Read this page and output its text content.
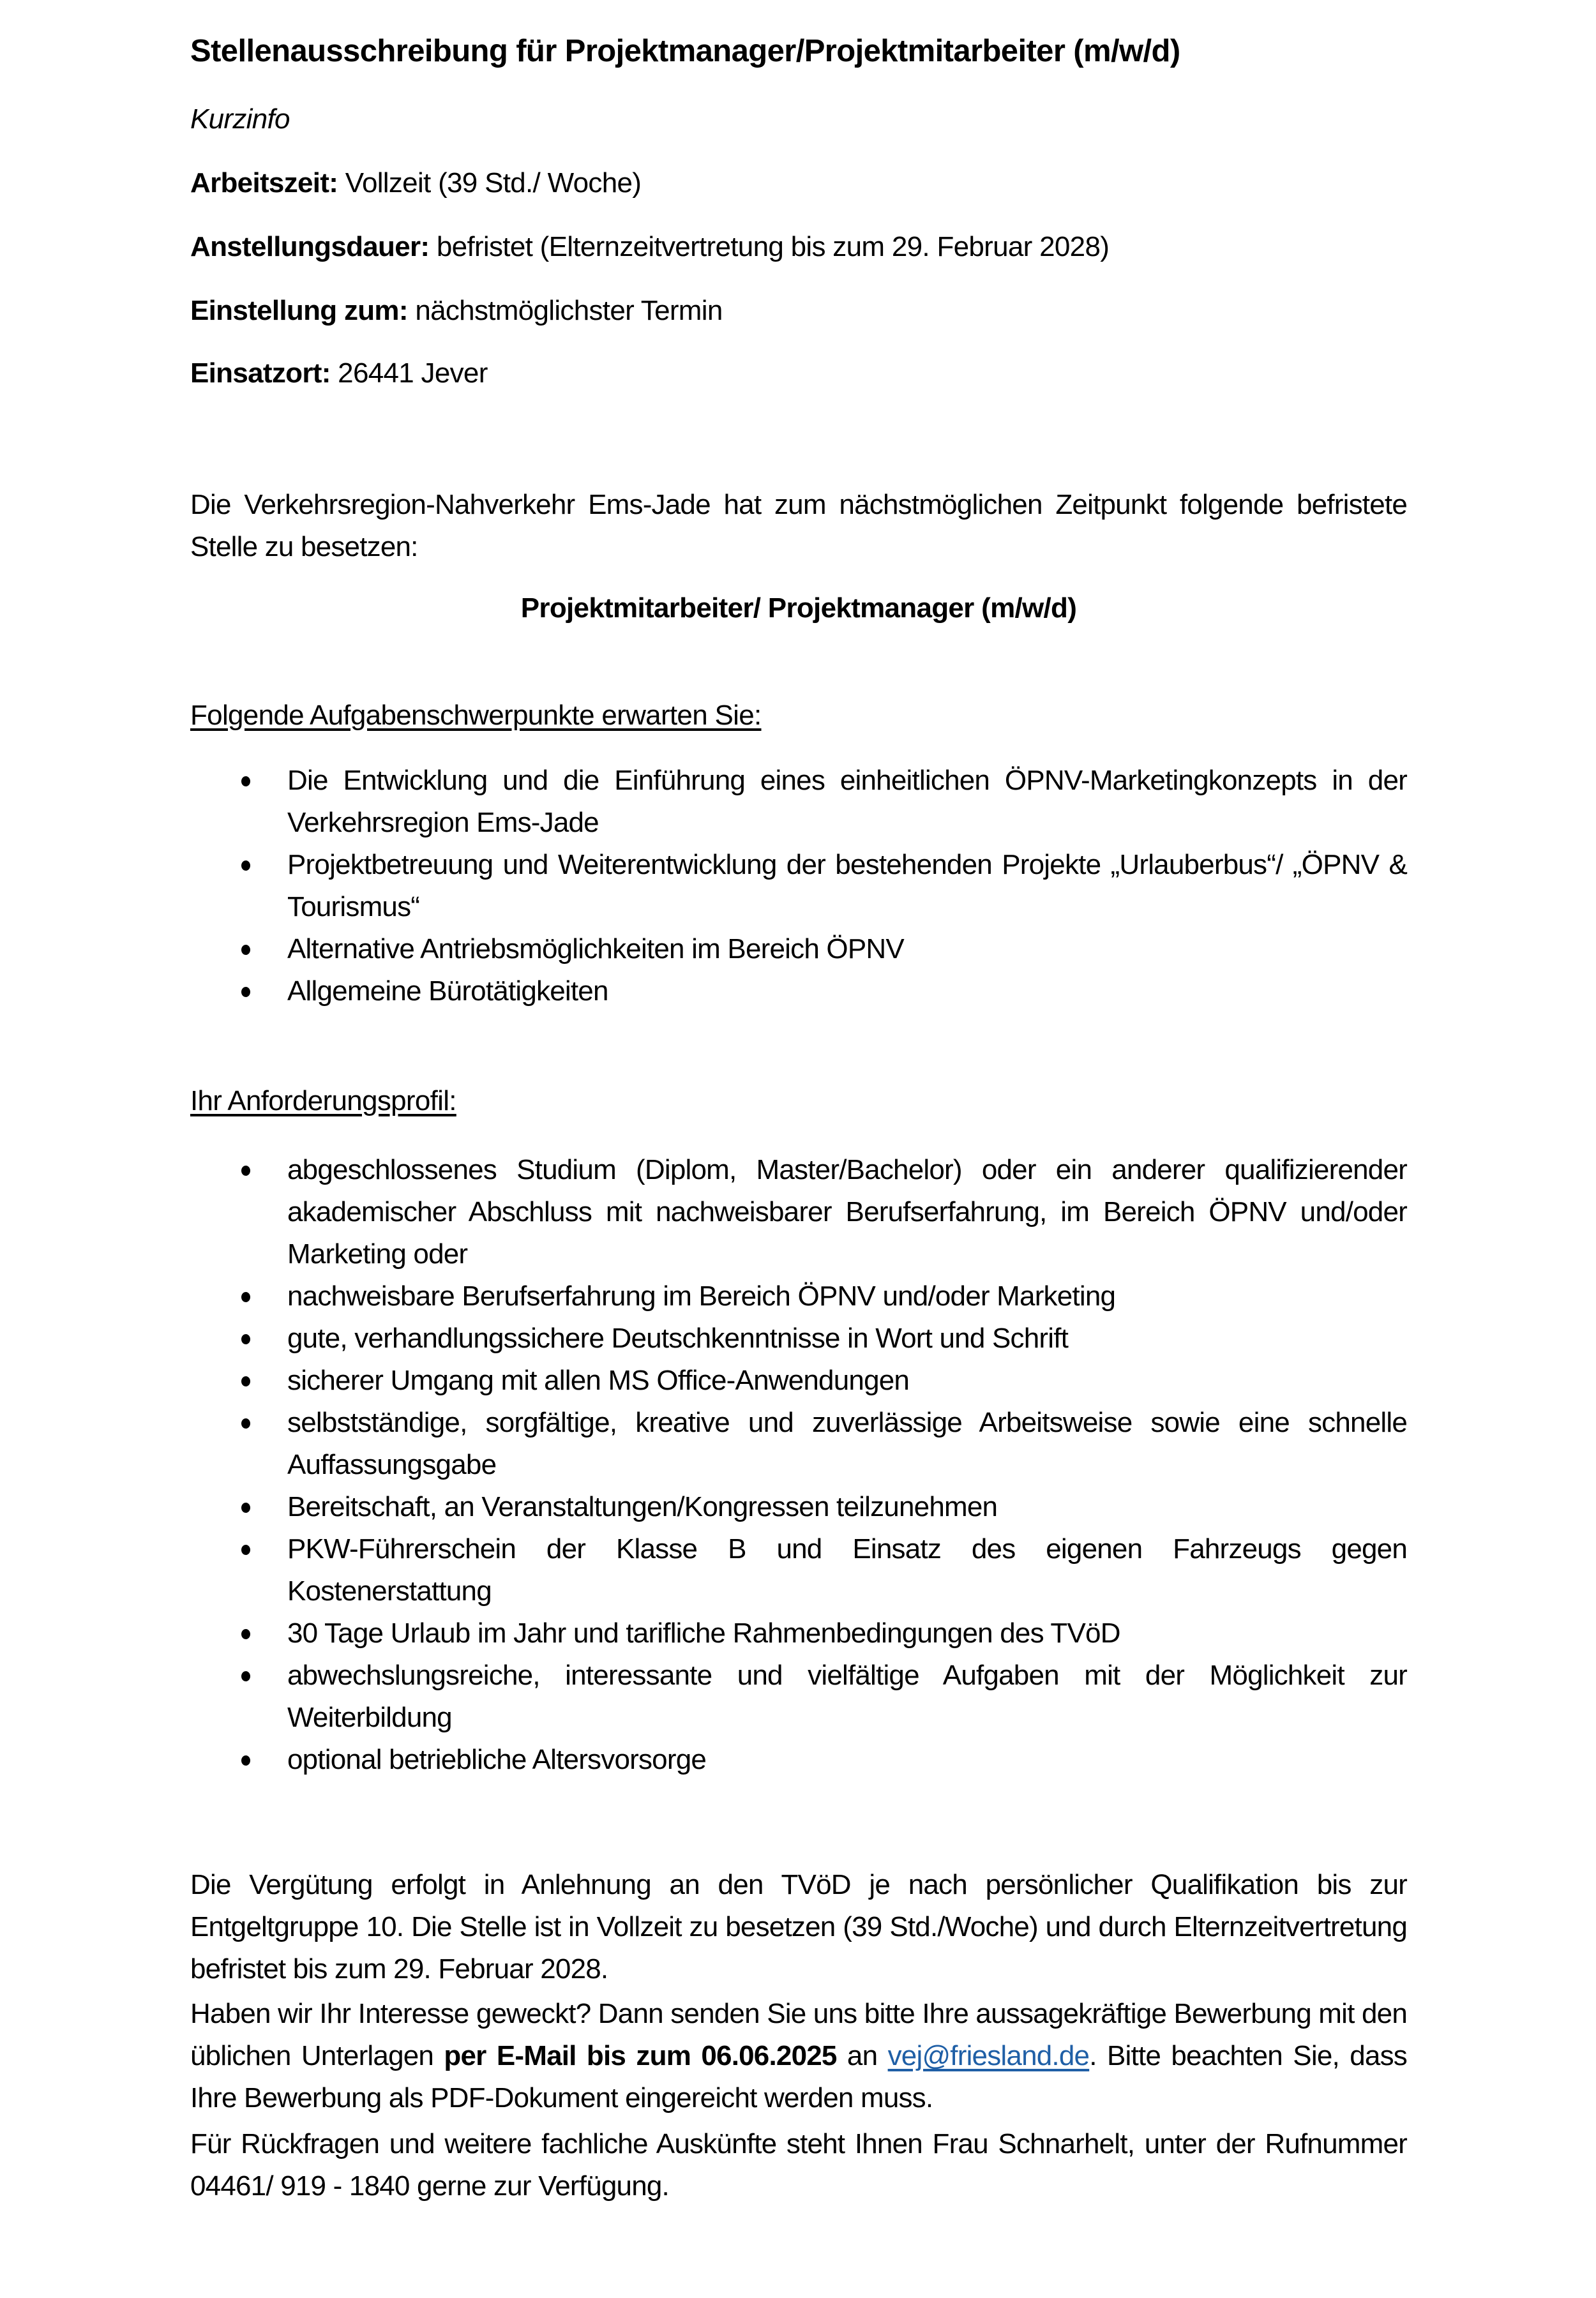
Stellenausschreibung für Projektmanager/Projektmitarbeiter (m/w/d)
Kurzinfo
Arbeitszeit: Vollzeit (39 Std./ Woche)
Anstellungsdauer: befristet (Elternzeitvertretung bis zum 29. Februar 2028)
Einstellung zum: nächstmöglichster Termin
Einsatzort: 26441 Jever
Die Verkehrsregion-Nahverkehr Ems-Jade hat zum nächstmöglichen Zeitpunkt folgende befristete Stelle zu besetzen:
Projektmitarbeiter/ Projektmanager (m/w/d)
Folgende Aufgabenschwerpunkte erwarten Sie:
Die Entwicklung und die Einführung eines einheitlichen ÖPNV-Marketingkonzepts in der Verkehrsregion Ems-Jade
Projektbetreuung und Weiterentwicklung der bestehenden Projekte „Urlauberbus“/ „ÖPNV & Tourismus“
Alternative Antriebsmöglichkeiten im Bereich ÖPNV
Allgemeine Bürotätigkeiten
Ihr Anforderungsprofil:
abgeschlossenes Studium (Diplom, Master/Bachelor) oder ein anderer qualifizierender akademischer Abschluss mit nachweisbarer Berufserfahrung, im Bereich ÖPNV und/oder Marketing oder
nachweisbare Berufserfahrung im Bereich ÖPNV und/oder Marketing
gute, verhandlungssichere Deutschkenntnisse in Wort und Schrift
sicherer Umgang mit allen MS Office-Anwendungen
selbstständige, sorgfältige, kreative und zuverlässige Arbeitsweise sowie eine schnelle Auffassungsgabe
Bereitschaft, an Veranstaltungen/Kongressen teilzunehmen
PKW-Führerschein der Klasse B und Einsatz des eigenen Fahrzeugs gegen Kostenerstattung
30 Tage Urlaub im Jahr und tarifliche Rahmenbedingungen des TVöD
abwechslungsreiche, interessante und vielfältige Aufgaben mit der Möglichkeit zur Weiterbildung
optional betriebliche Altersvorsorge
Die Vergütung erfolgt in Anlehnung an den TVöD je nach persönlicher Qualifikation bis zur Entgeltgruppe 10. Die Stelle ist in Vollzeit zu besetzen (39 Std./Woche) und durch Elternzeitvertretung befristet bis zum 29. Februar 2028.
Haben wir Ihr Interesse geweckt? Dann senden Sie uns bitte Ihre aussagekräftige Bewerbung mit den üblichen Unterlagen per E-Mail bis zum 06.06.2025 an vej@friesland.de. Bitte beachten Sie, dass Ihre Bewerbung als PDF-Dokument eingereicht werden muss.
Für Rückfragen und weitere fachliche Auskünfte steht Ihnen Frau Schnarhelt, unter der Rufnummer 04461/ 919 - 1840 gerne zur Verfügung.
